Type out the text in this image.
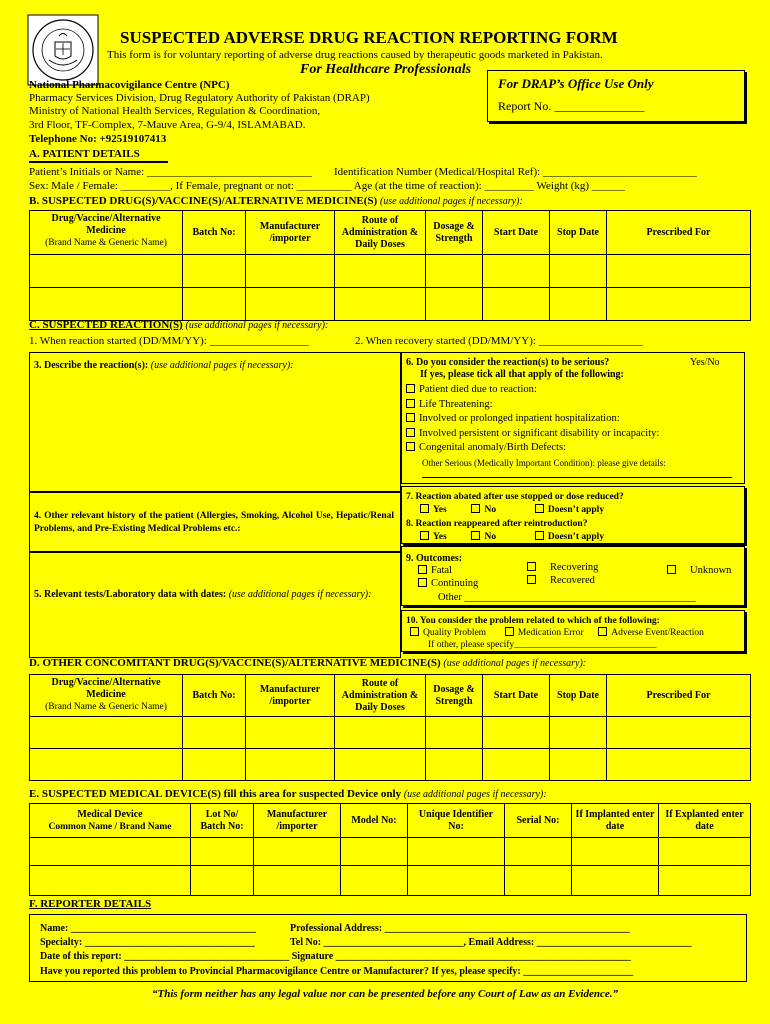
SUSPECTED ADVERSE DRUG REACTION REPORTING FORM
This form is for voluntary reporting of adverse drug reactions caused by therapeutic goods marketed in Pakistan.
For Healthcare Professionals
National Pharmacovigilance Centre (NPC)
Pharmacy Services Division, Drug Regulatory Authority of Pakistan (DRAP)
Ministry of National Health Services, Regulation & Coordination,
3rd Floor, TF-Complex, 7-Mauve Area, G-9/4, ISLAMABAD.
Telephone No: +92519107413
For DRAP’s Office Use Only
Report No. _______________
A. PATIENT DETAILS
Patient’s Initials or Name: ______________________________ Identification Number (Medical/Hospital Ref): ____________________________
Sex: Male / Female: _________, If Female, pregnant or not: __________ Age (at the time of reaction): _________ Weight (kg) ______
B. SUSPECTED DRUG(S)/VACCINE(S)/ALTERNATIVE MEDICINE(S) (use additional pages if necessary):
Drug/Vaccine/Alternative Medicine
(Brand Name & Generic Name)	Batch No:	Manufacturer /importer	Route of Administration & Daily Doses	Dosage & Strength	Start Date	Stop Date	Prescribed For

C. SUSPECTED REACTION(S) (use additional pages if necessary):
1. When reaction started (DD/MM/YY): __________________	2. When recovery started (DD/MM/YY): ___________________
3. Describe the reaction(s): (use additional pages if necessary):	6. Do you consider the reaction(s) to be serious?	Yes/No
If yes, please tick all that apply of the following:
Patient died due to reaction:
Life Threatening:
Involved or prolonged inpatient hospitalization:
Involved persistent or significant disability or incapacity:
Congenital anomaly/Birth Defects:
Other Serious (Medically Important Condition): please give details:
4. Other relevant history of the patient (Allergies, Smoking, Alcohol Use, Hepatic/Renal Problems, and Pre-Existing Medical Problems etc.:
7. Reaction abated after use stopped or dose reduced?
Yes	No	Doesn’t apply
8. Reaction reappeared after reintroduction?
Yes	No	Doesn’t apply
5. Relevant tests/Laboratory data with dates: (use additional pages if necessary):
9. Outcomes:
Fatal
Continuing
Recovering
Recovered
Unknown
Other ____________________________________________
10. You consider the problem related to which of the following:
Quality Problem	Medication Error	Adverse Event/Reaction
If other, please specify______________________________
D. OTHER CONCOMITANT DRUG(S)/VACCINE(S)/ALTERNATIVE MEDICINE(S) (use additional pages if necessary):
Drug/Vaccine/Alternative Medicine
(Brand Name & Generic Name)	Batch No:	Manufacturer /importer	Route of Administration & Daily Doses	Dosage & Strength	Start Date	Stop Date	Prescribed For

E. SUSPECTED MEDICAL DEVICE(S) fill this area for suspected Device only (use additional pages if necessary):
Medical Device
Common Name / Brand Name	Lot No/ Batch No:	Manufacturer /importer	Model No:	Unique Identifier No:	Serial No:	If Implanted enter date	If Explanted enter date

F. REPORTER DETAILS
Name: _____________________________________	Professional Address: _________________________________________________
Specialty: __________________________________	Tel No: ____________________________, Email Address: _______________________________
Date of this report: _________________________________ Signature ___________________________________________________________
Have you reported this problem to Provincial Pharmacovigilance Centre or Manufacturer? If yes, please specify: ______________________
“This form neither has any legal value nor can be presented before any Court of Law as an Evidence.”
